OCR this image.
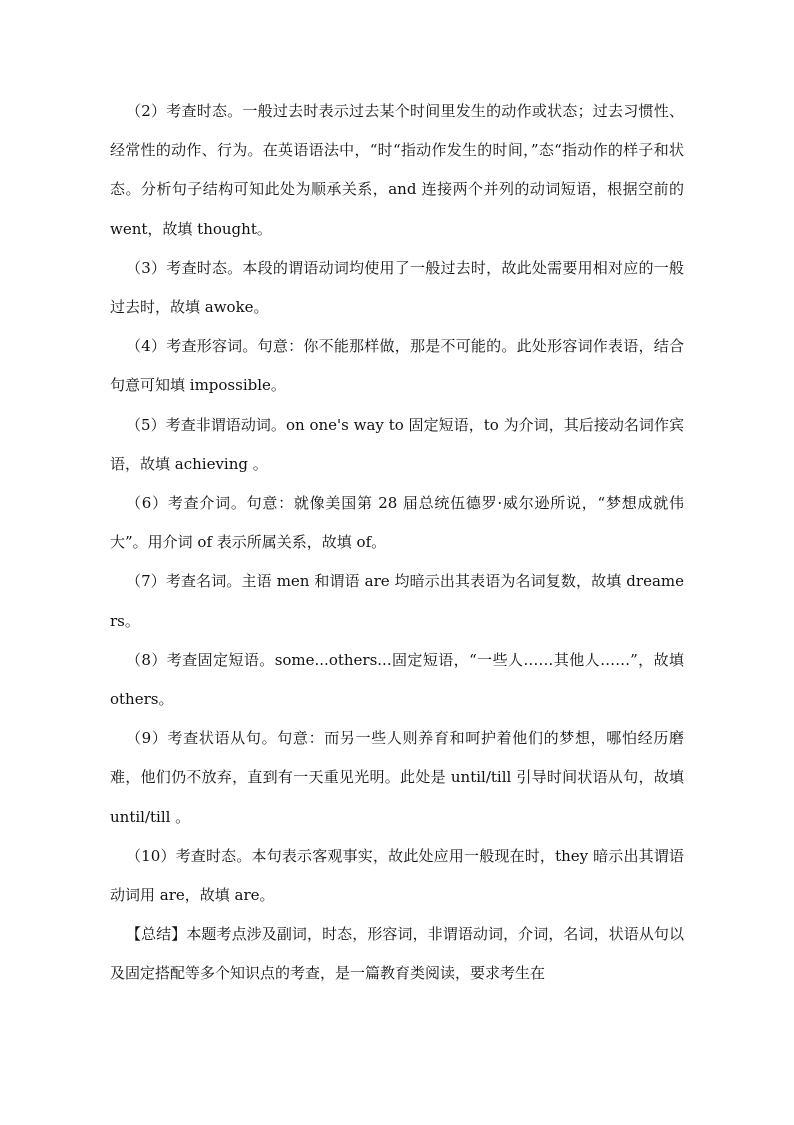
（2）考查时态。一般过去时表示过去某个时间里发生的动作或状态；过去习惯性、经常性的动作、行为。在英语语法中，“时“指动作发生的时间，”态“指动作的样子和状态。分析句子结构可知此处为顺承关系，and 连接两个并列的动词短语，根据空前的 went，故填 thought。

（3）考查时态。本段的谓语动词均使用了一般过去时，故此处需要用相对应的一般过去时，故填 awoke。

（4）考查形容词。句意：你不能那样做，那是不可能的。此处形容词作表语，结合句意可知填 impossible。

（5）考查非谓语动词。on one's way to 固定短语，to 为介词，其后接动名词作宾语，故填 achieving 。

（6）考查介词。句意：就像美国第 28 届总统伍德罗·威尔逊所说，“梦想成就伟大”。用介词 of 表示所属关系，故填 of。

（7）考查名词。主语 men 和谓语 are 均暗示出其表语为名词复数，故填 dreamers。

（8）考查固定短语。some...others...固定短语，“一些人……其他人……”，故填 others。

（9）考查状语从句。句意：而另一些人则养育和呵护着他们的梦想，哪怕经历磨难，他们仍不放弃，直到有一天重见光明。此处是 until/till 引导时间状语从句，故填 until/till 。

（10）考查时态。本句表示客观事实，故此处应用一般现在时，they 暗示出其谓语动词用 are，故填 are。

【总结】本题考点涉及副词，时态，形容词，非谓语动词，介词，名词，状语从句以及固定搭配等多个知识点的考查，是一篇教育类阅读，要求考生在
